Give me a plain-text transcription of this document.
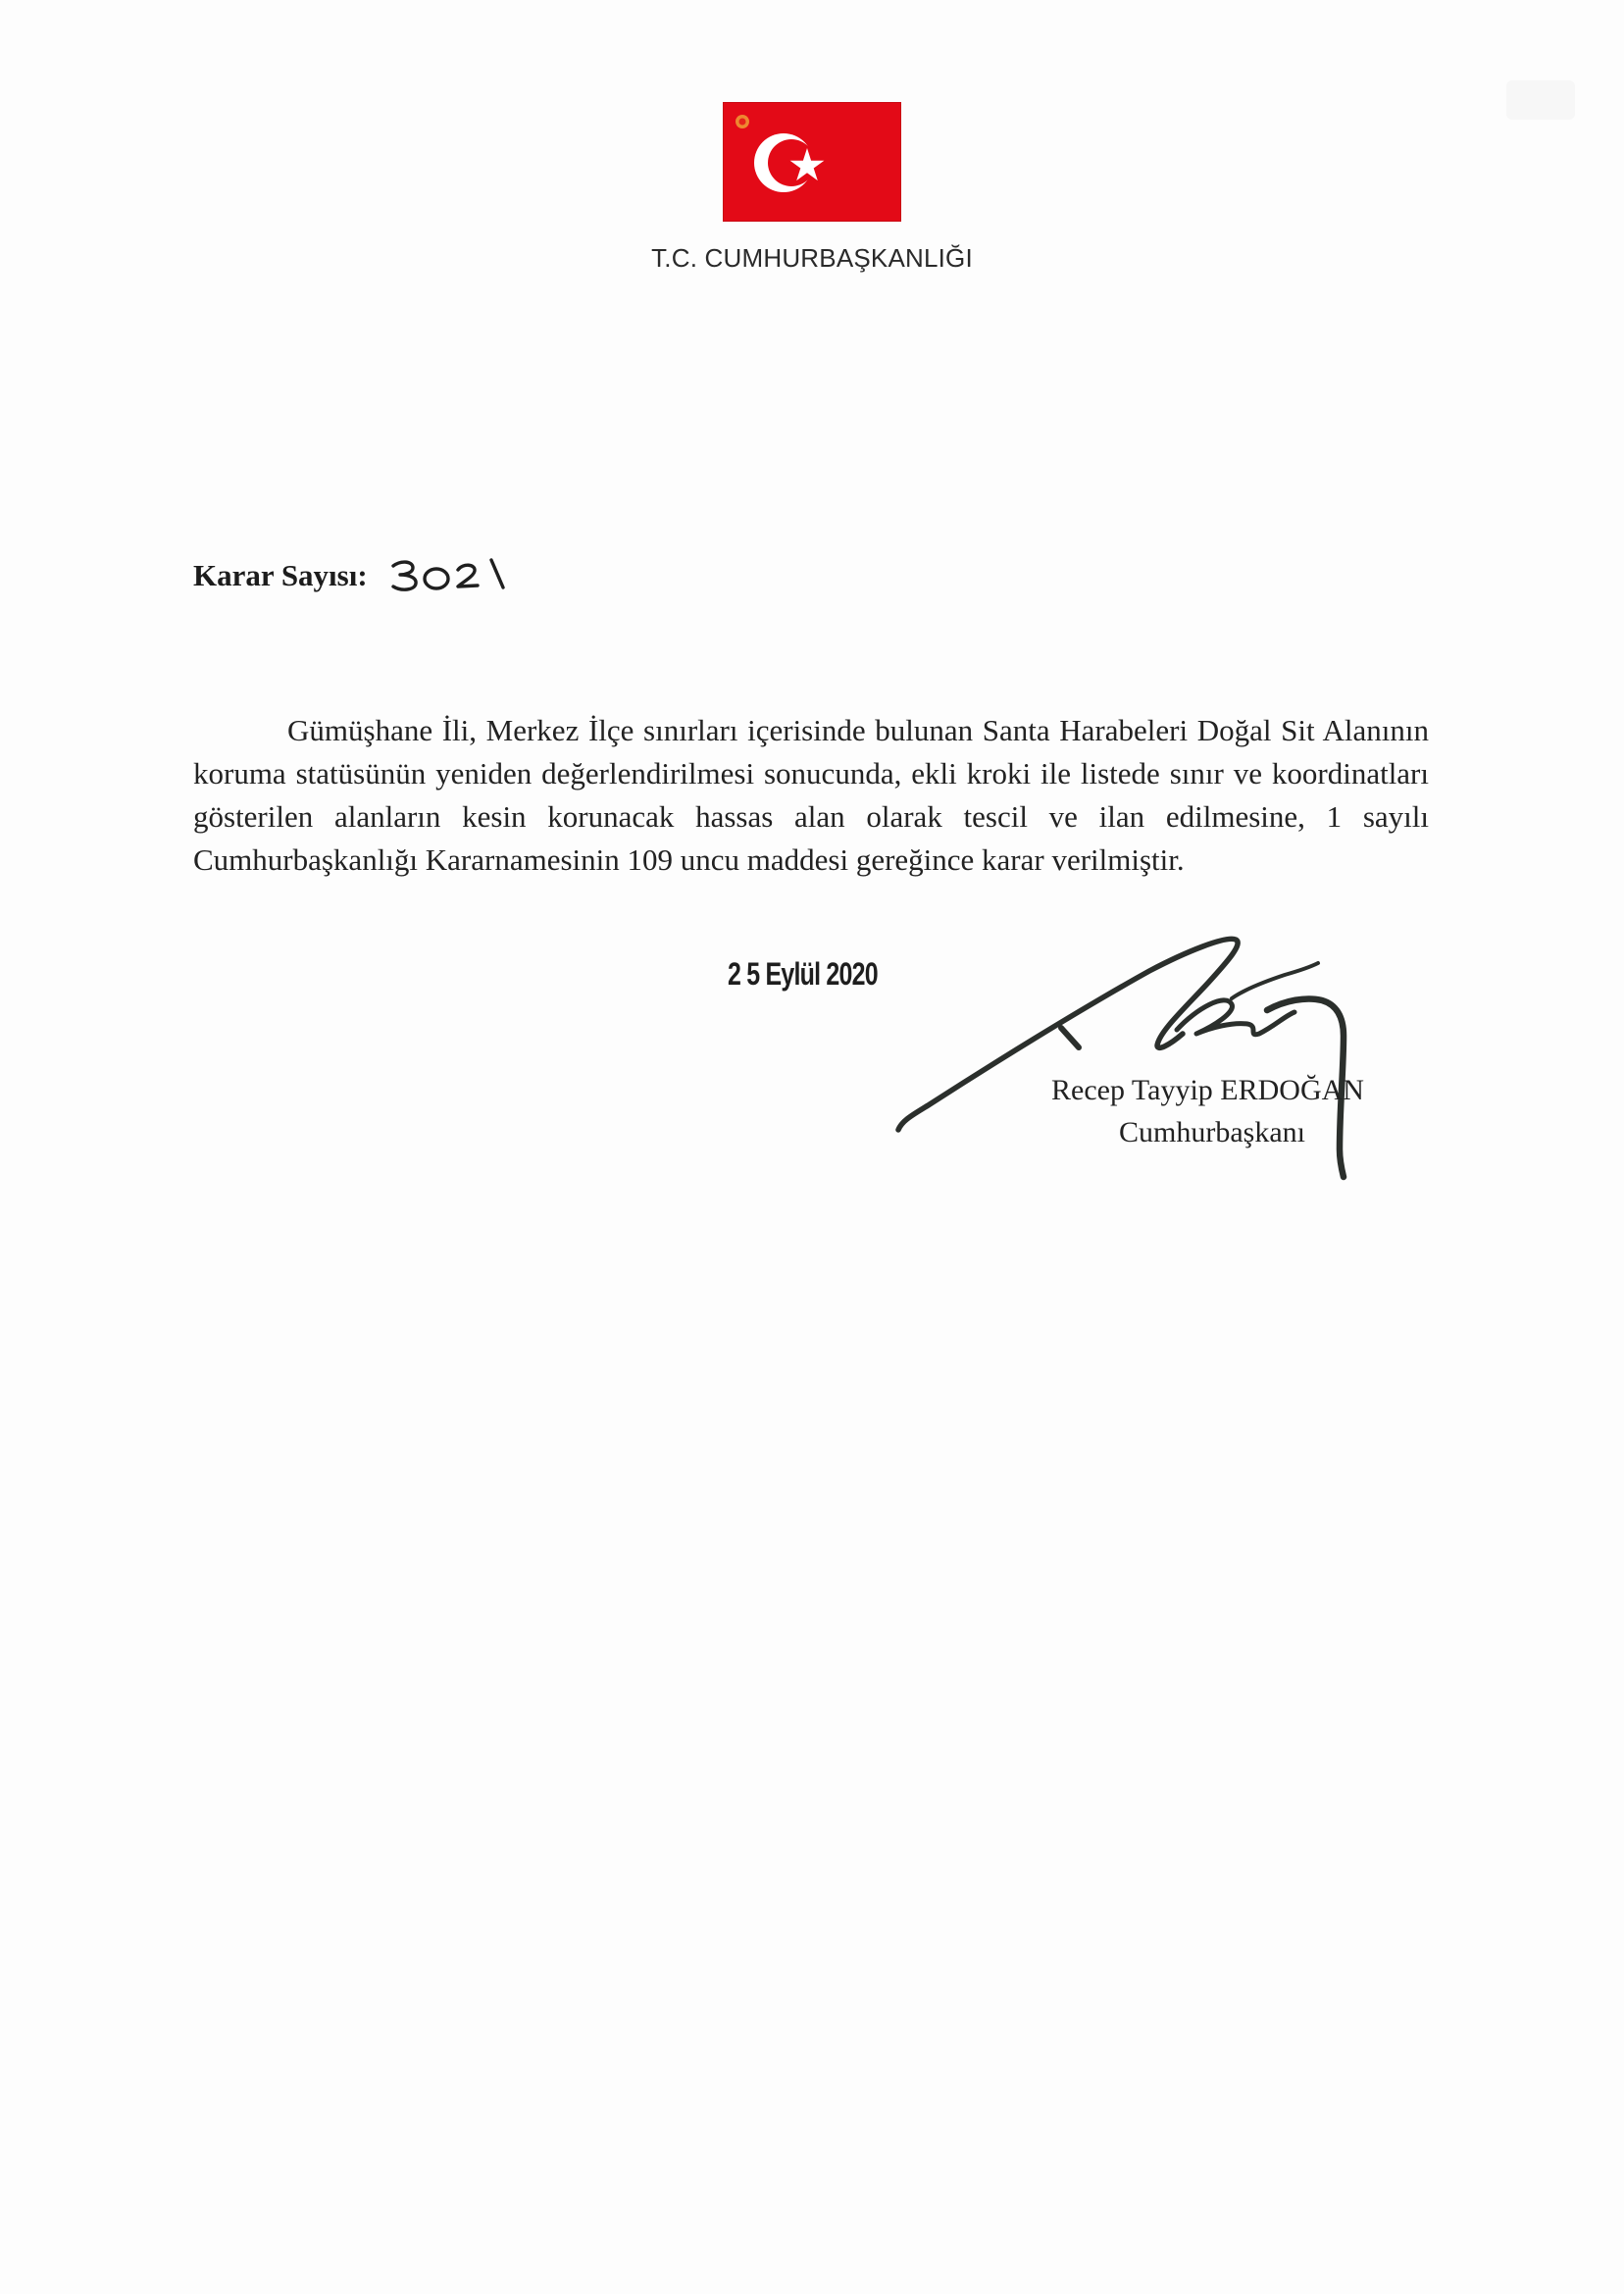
T.C. CUMHURBAŞKANLIĞI
Karar Sayısı:

Gümüşhane İli, Merkez İlçe sınırları içerisinde bulunan Santa Harabeleri Doğal Sit Alanının koruma statüsünün yeniden değerlendirilmesi sonucunda, ekli kroki ile listede sınır ve koordinatları gösterilen alanların kesin korunacak hassas alan olarak tescil ve ilan edilmesine, 1 sayılı Cumhurbaşkanlığı Kararnamesinin 109 uncu maddesi gereğince karar verilmiştir.

2 5 Eylül 2020
Recep Tayyip ERDOĞAN
Cumhurbaşkanı
